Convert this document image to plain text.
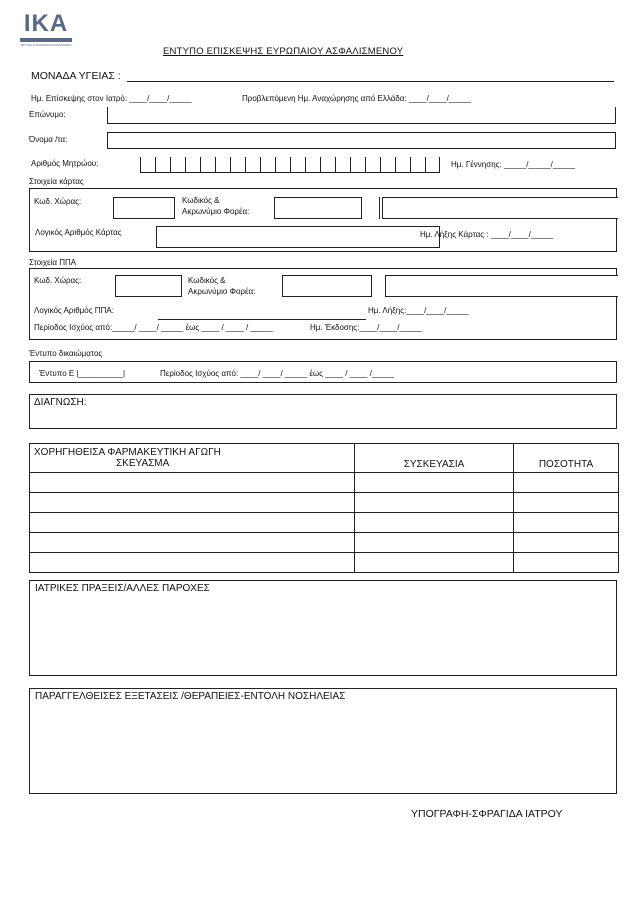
IKA
ΙΔΡΥΜΑ ΚΟΙΝΩΝΙΚΩΝ ΑΣΦΑΛΙΣΕΩΝ
ΕΝΤΥΠΟ ΕΠΙΣΚΕΨΗΣ ΕΥΡΩΠΑΙΟΥ ΑΣΦΑΛΙΣΜΕΝΟΥ
ΜΟΝΑΔΑ ΥΓΕΙΑΣ :
Ημ. Επίσκεψης στον Ιατρό: ____/____/_____	Προβλεπόμενη Ημ. Αναχώρησης από Ελλάδα: ____/____/_____
Επώνυμο:
Όνομα /τα:
Αριθμός Μητρώου:	Ημ. Γέννησης: _____/_____/_____
Στοιχεία κάρτας
Κωδ. Χώρας:	Κωδικός &
Ακρωνύμιο Φορέα:
Λογικός Αριθμός Κάρτας	Ημ. Λήξης Κάρτας : ____/____/_____
Στοιχεία ΠΠΑ
Κωδ. Χώρας:	Κωδικός &
Ακρωνύμιο Φορέα:
Λογικός Αριθμός ΠΠΑ:	Ημ. Λήξης:____/____/_____
Περίοδος Ισχύος από:_____/ ____/ _____ έως ____ / ____ / _____	Ημ. Έκδοσης:____/____/_____
Έντυπο δικαιώματος
Έντυπο Ε |__________|	Περίοδος Ισχύος από: ____/ ____/ _____ έως ____ / ____ /_____
ΔΙΑΓΝΩΣΗ:
ΧΟΡΗΓΗΘΕΙΣΑ ΦΑΡΜΑΚΕΥΤΙΚΗ ΑΓΩΓΗ
ΣΚΕΥΑΣΜΑ	ΣΥΣΚΕΥΑΣΙΑ	ΠΟΣΟΤΗΤΑ

ΙΑΤΡΙΚΕΣ ΠΡΑΞΕΙΣ/ΑΛΛΕΣ ΠΑΡΟΧΕΣ
ΠΑΡΑΓΓΕΛΘΕΙΣΕΣ ΕΞΕΤΑΣΕΙΣ /ΘΕΡΑΠΕΙΕΣ-ΕΝΤΟΛΗ ΝΟΣΗΛΕΙΑΣ
ΥΠΟΓΡΑΦΗ-ΣΦΡΑΓΙΔΑ ΙΑΤΡΟΥ
